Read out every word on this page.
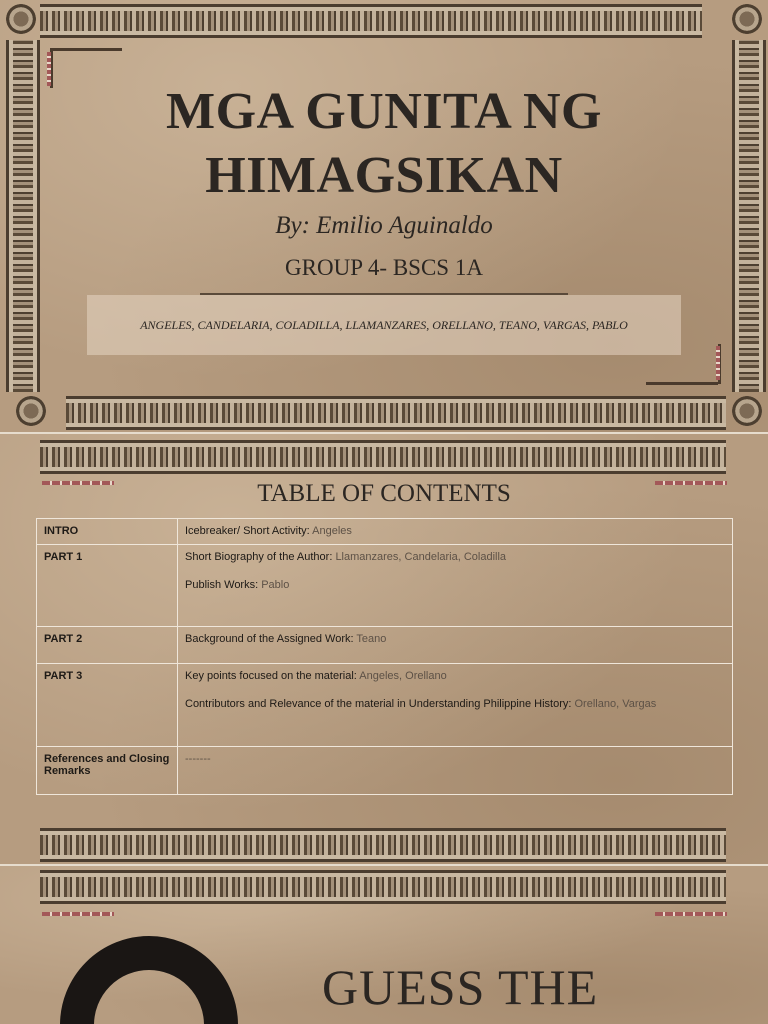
MGA GUNITA NG
HIMAGSIKAN
By: Emilio Aguinaldo
GROUP 4- BSCS 1A
ANGELES, CANDELARIA, COLADILLA, LLAMANZARES, ORELLANO, TEANO, VARGAS, PABLO
TABLE OF CONTENTS
INTRO	Icebreaker/ Short Activity: Angeles
PART 1	Short Biography of the Author: Llamanzares, Candelaria, Coladilla
Publish Works: Pablo

PART 2	Background of the Assigned Work: Teano
PART 3	Key points focused on the material: Angeles, Orellano
Contributors and Relevance of the material in Understanding Philippine History: Orellano, Vargas

References and Closing Remarks	-------
GUESS THE
